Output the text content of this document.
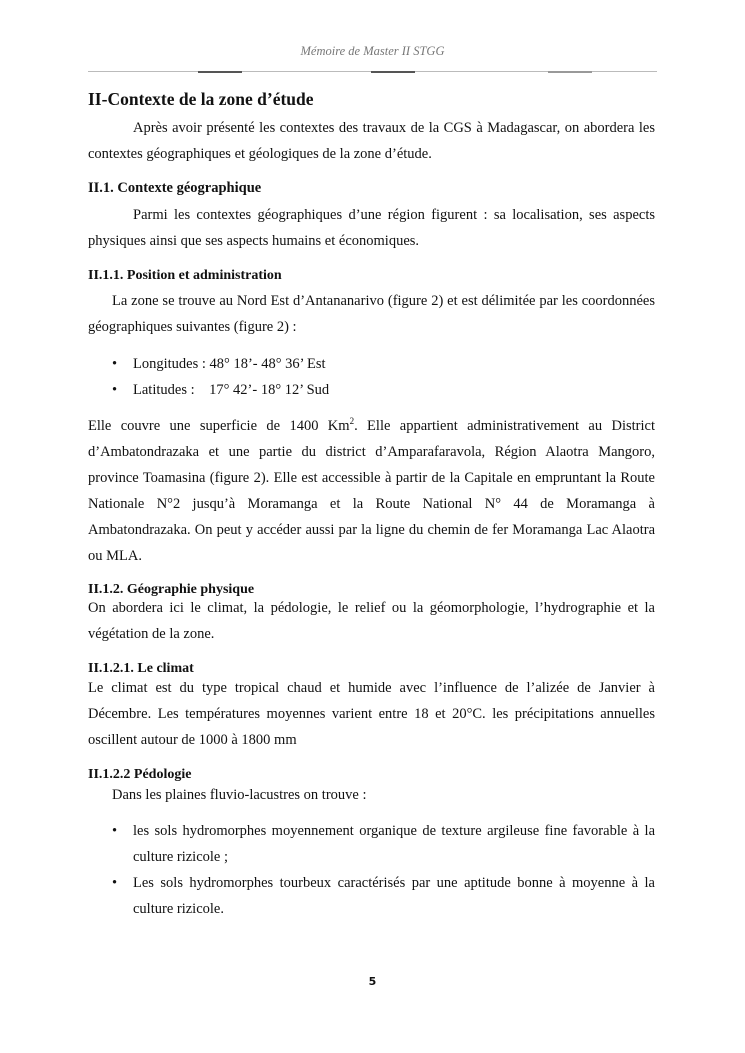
Mémoire de Master II STGG
II-Contexte de la zone d’étude
Après avoir présenté les contextes des travaux de la CGS à Madagascar, on abordera les
contextes géographiques et géologiques de la zone d’étude.
II.1. Contexte géographique
Parmi les contextes géographiques d’une région figurent : sa localisation, ses aspects
physiques ainsi que ses aspects humains et économiques.
II.1.1. Position et administration
La zone se trouve au Nord Est d’Antananarivo (figure 2) et est délimitée par les coordonnées
géographiques suivantes (figure 2) :
• Longitudes : 48° 18’- 48° 36’ Est
• Latitudes :    17° 42’- 18° 12’ Sud
Elle couvre une superficie de 1400 Km$^2$. Elle appartient administrativement au District
d’Ambatondrazaka et une partie du district d’Amparafaravola, Région Alaotra Mangoro,
province Toamasina (figure 2). Elle est accessible à partir de la Capitale en empruntant la Route
Nationale N°2 jusqu’à Moramanga et la Route National N° 44 de Moramanga à
Ambatondrazaka. On peut y accéder aussi par la ligne du chemin de fer Moramanga Lac Alaotra
ou MLA.
II.1.2. Géographie physique
On abordera ici le climat, la pédologie, le relief ou la géomorphologie, l’hydrographie et la
végétation de la zone.
II.1.2.1. Le climat
Le climat est du type tropical chaud et humide avec l’influence de l’alizée de Janvier à
Décembre. Les températures moyennes varient entre 18 et 20°C. les précipitations annuelles
oscillent autour de 1000 à 1800 mm
II.1.2.2 Pédologie
Dans les plaines fluvio-lacustres on trouve :
• les sols hydromorphes moyennement organique de texture argileuse fine favorable à la
culture rizicole ;
• Les sols hydromorphes tourbeux caractérisés par une aptitude bonne à moyenne à la
culture rizicole.
5
